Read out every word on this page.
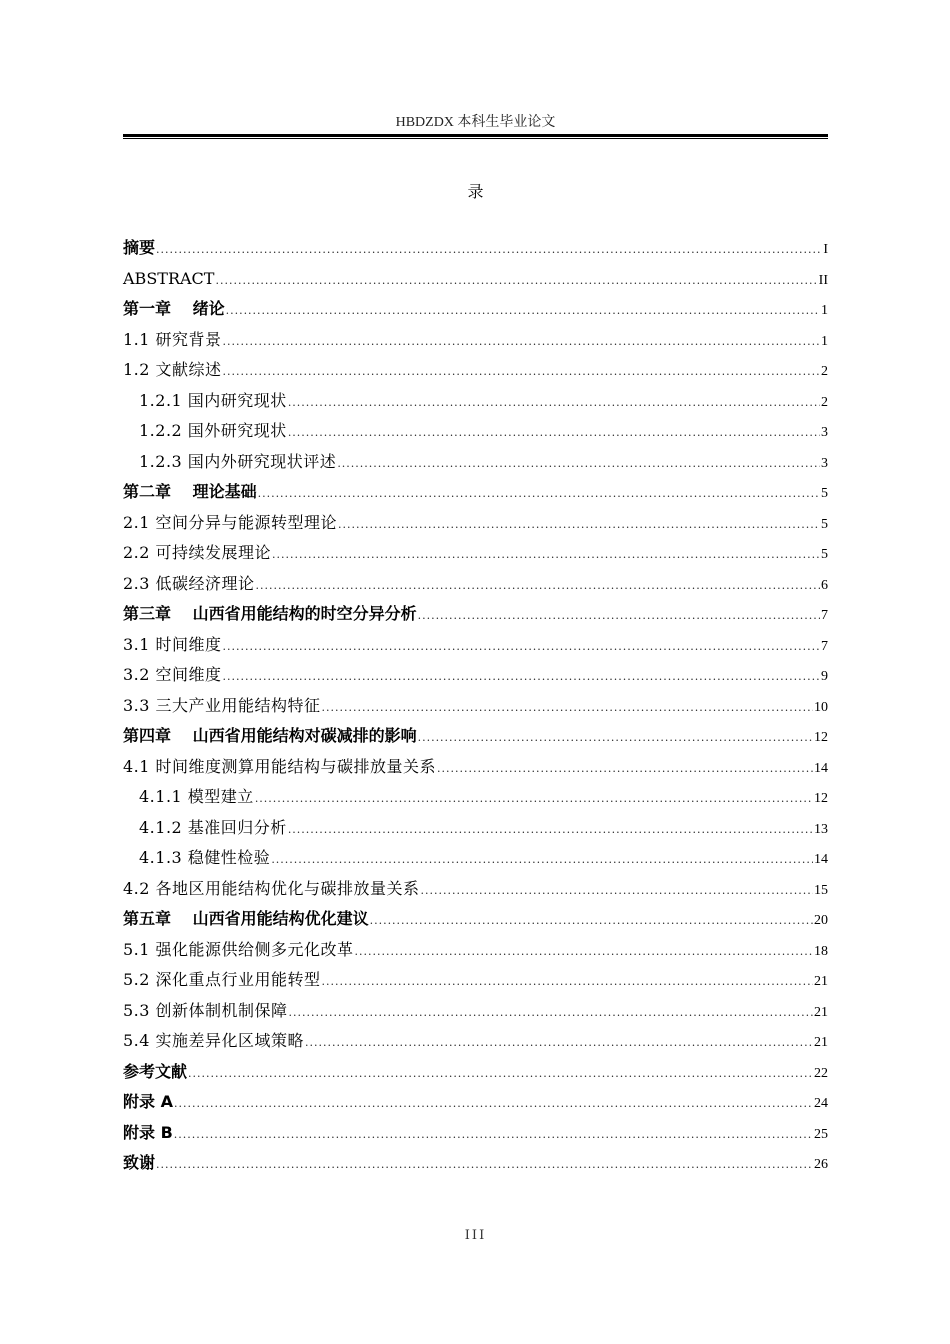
HBDZDX 本科生毕业论文
录
摘要 .....	I
ABSTRACT .....	II
第一章　 绪论 .....	1
1.1 研究背景 .....	1
1.2 文献综述 .....	2
1.2.1 国内研究现状 .....	2
1.2.2 国外研究现状 .....	3
1.2.3 国内外研究现状评述 .....	3
第二章　 理论基础 .....	5
2.1 空间分异与能源转型理论 .....	5
2.2 可持续发展理论 .....	5
2.3 低碳经济理论 .....	6
第三章　 山西省用能结构的时空分异分析 .....	7
3.1 时间维度 .....	7
3.2 空间维度 .....	9
3.3 三大产业用能结构特征 .....	10
第四章　 山西省用能结构对碳减排的影响 .....	12
4.1 时间维度测算用能结构与碳排放量关系 .....	14
4.1.1 模型建立 .....	12
4.1.2 基准回归分析 .....	13
4.1.3 稳健性检验 .....	14
4.2 各地区用能结构优化与碳排放量关系 .....	15
第五章　 山西省用能结构优化建议 .....	20
5.1 强化能源供给侧多元化改革 .....	18
5.2 深化重点行业用能转型 .....	21
5.3 创新体制机制保障 .....	21
5.4 实施差异化区域策略 .....	21
参考文献 .....	22
附录 A .....	24
附录 B .....	25
致谢 .....	26
III
